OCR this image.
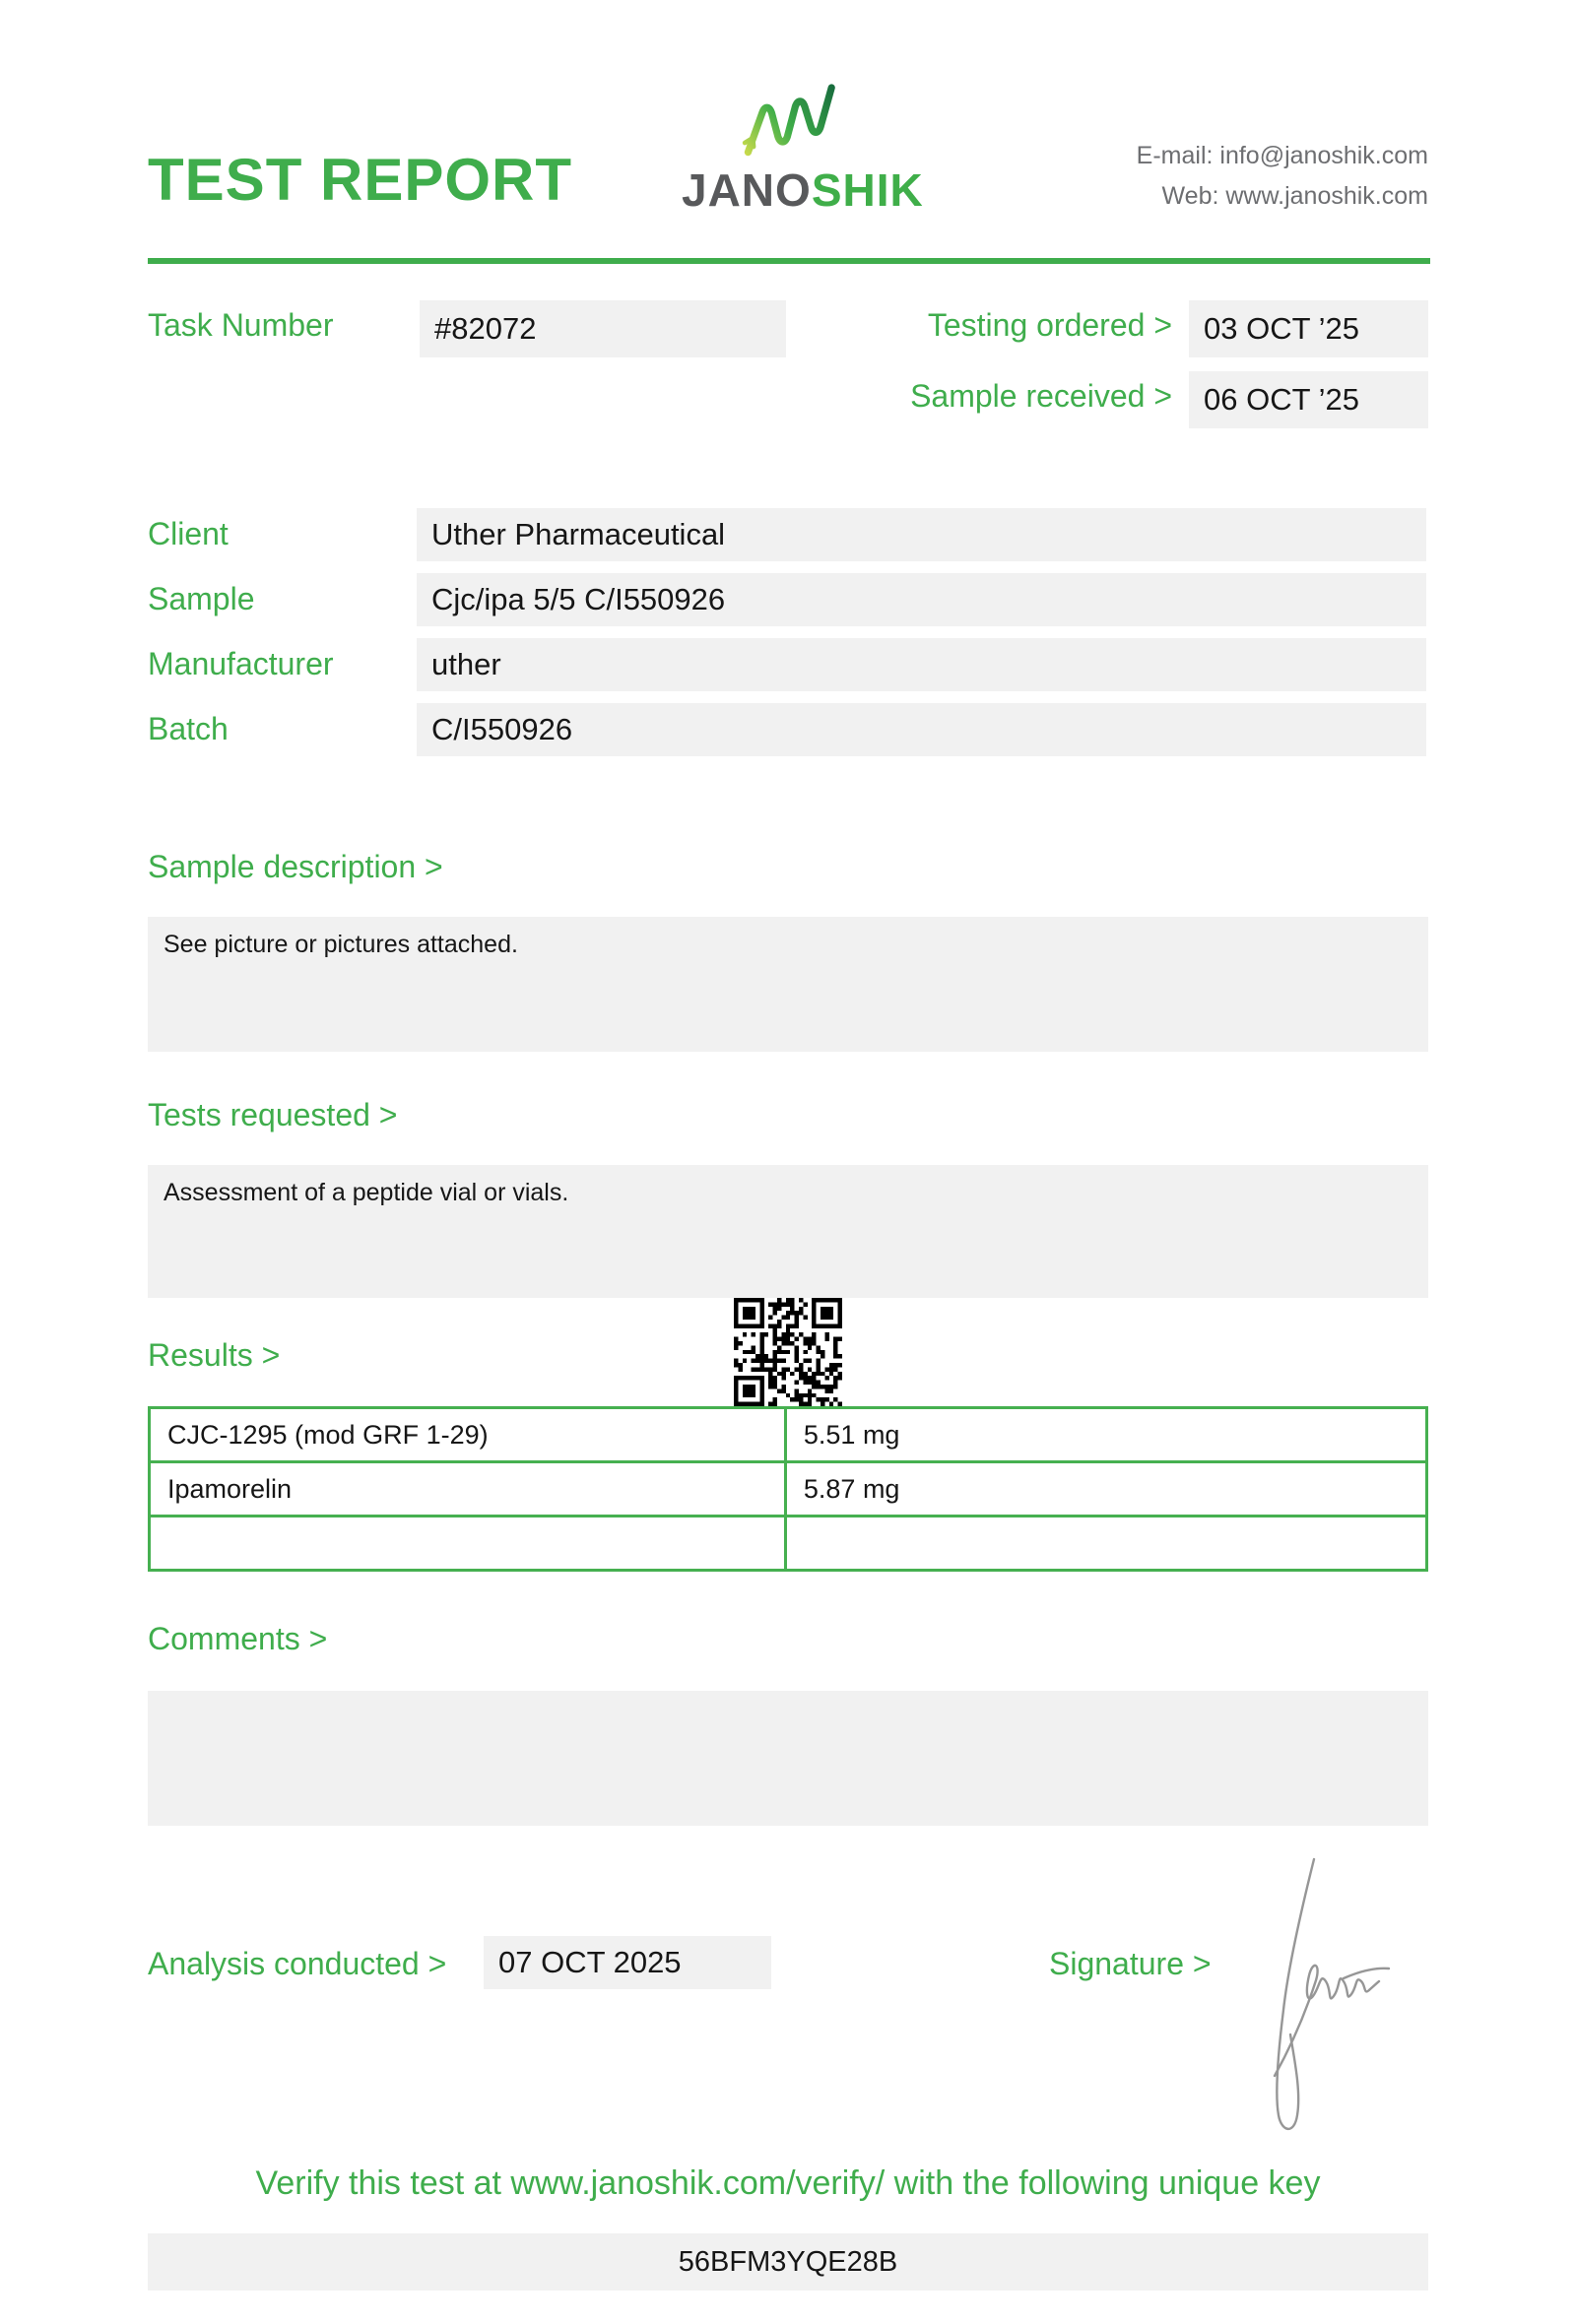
TEST REPORT JANOSHIK
E-mail: info@janoshik.com
Web: www.janoshik.com
Task Number	#82072	Testing ordered >	03 OCT ’25
Sample received >	06 OCT ’25
Client	Uther Pharmaceutical
Sample	Cjc/ipa 5/5 C/I550926
Manufacturer	uther
Batch	C/I550926
Sample description >
See picture or pictures attached.
Tests requested >
Assessment of a peptide vial or vials.
Results >
CJC-1295 (mod GRF 1-29)	5.51 mg
Ipamorelin	5.87 mg

Comments >
Analysis conducted >	07 OCT 2025	Signature >
Verify this test at www.janoshik.com/verify/ with the following unique key
56BFM3YQE28B
